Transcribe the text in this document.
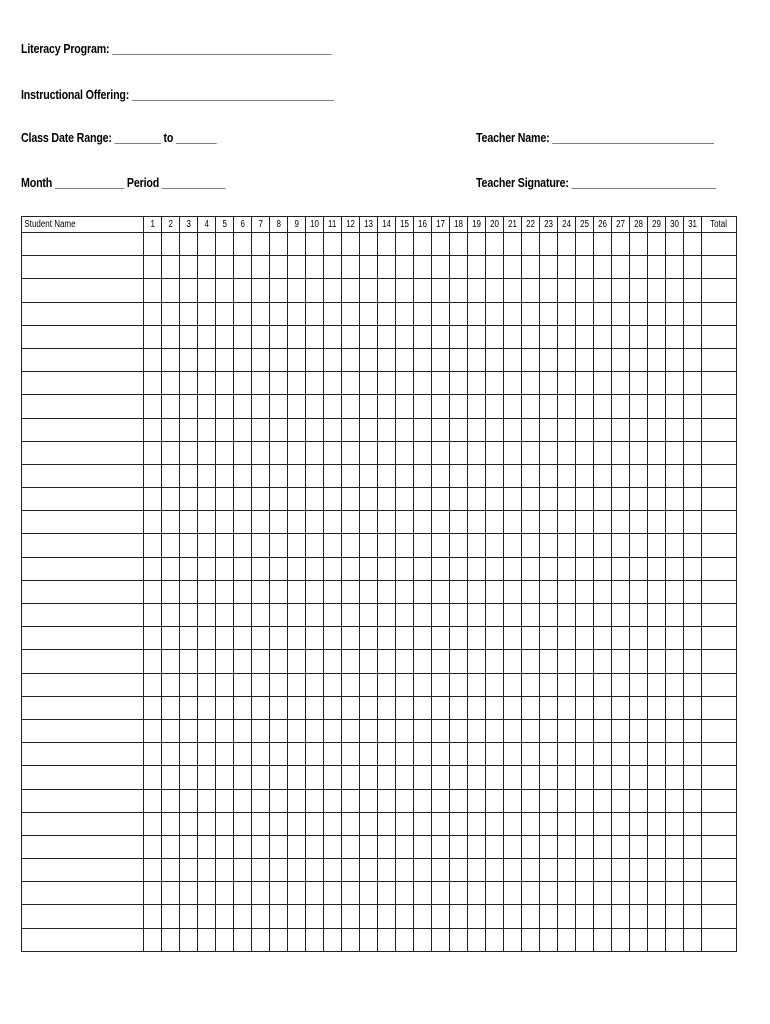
Literacy Program: ______________________________________
Instructional Offering: ___________________________________
Class Date Range: ________ to _______
Month ____________ Period ___________
Teacher Name: ____________________________
Teacher Signature: _________________________
Student Name	1	2	3	4	5	6	7	8	9	10	11	12	13	14	15	16	17	18	19	20	21	22	23	24	25	26	27	28	29	30	31	Total
